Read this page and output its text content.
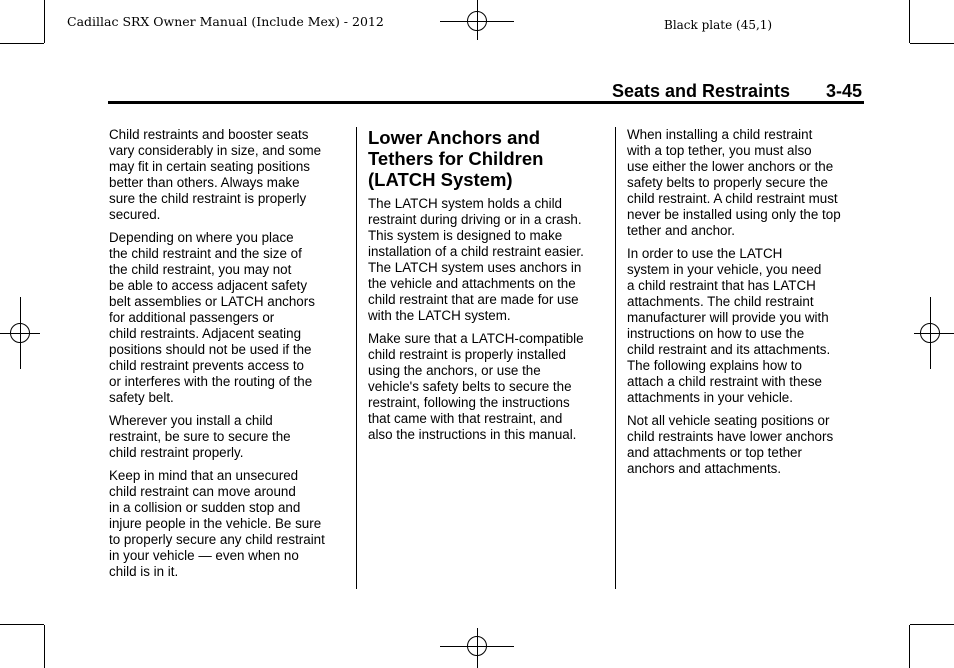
Cadillac SRX Owner Manual (Include Mex) - 2012	Black plate (45,1)
Seats and Restraints 3-45

Child restraints and booster seats
vary considerably in size, and some
may fit in certain seating positions
better than others. Always make
sure the child restraint is properly
secured.

Depending on where you place
the child restraint and the size of
the child restraint, you may not
be able to access adjacent safety
belt assemblies or LATCH anchors
for additional passengers or
child restraints. Adjacent seating
positions should not be used if the
child restraint prevents access to
or interferes with the routing of the
safety belt.

Wherever you install a child
restraint, be sure to secure the
child restraint properly.

Keep in mind that an unsecured
child restraint can move around
in a collision or sudden stop and
injure people in the vehicle. Be sure
to properly secure any child restraint
in your vehicle — even when no
child is in it.

Lower Anchors and
Tethers for Children
(LATCH System)

The LATCH system holds a child
restraint during driving or in a crash.
This system is designed to make
installation of a child restraint easier.
The LATCH system uses anchors in
the vehicle and attachments on the
child restraint that are made for use
with the LATCH system.

Make sure that a LATCH-compatible
child restraint is properly installed
using the anchors, or use the
vehicle's safety belts to secure the
restraint, following the instructions
that came with that restraint, and
also the instructions in this manual.

When installing a child restraint
with a top tether, you must also
use either the lower anchors or the
safety belts to properly secure the
child restraint. A child restraint must
never be installed using only the top
tether and anchor.

In order to use the LATCH
system in your vehicle, you need
a child restraint that has LATCH
attachments. The child restraint
manufacturer will provide you with
instructions on how to use the
child restraint and its attachments.
The following explains how to
attach a child restraint with these
attachments in your vehicle.

Not all vehicle seating positions or
child restraints have lower anchors
and attachments or top tether
anchors and attachments.
